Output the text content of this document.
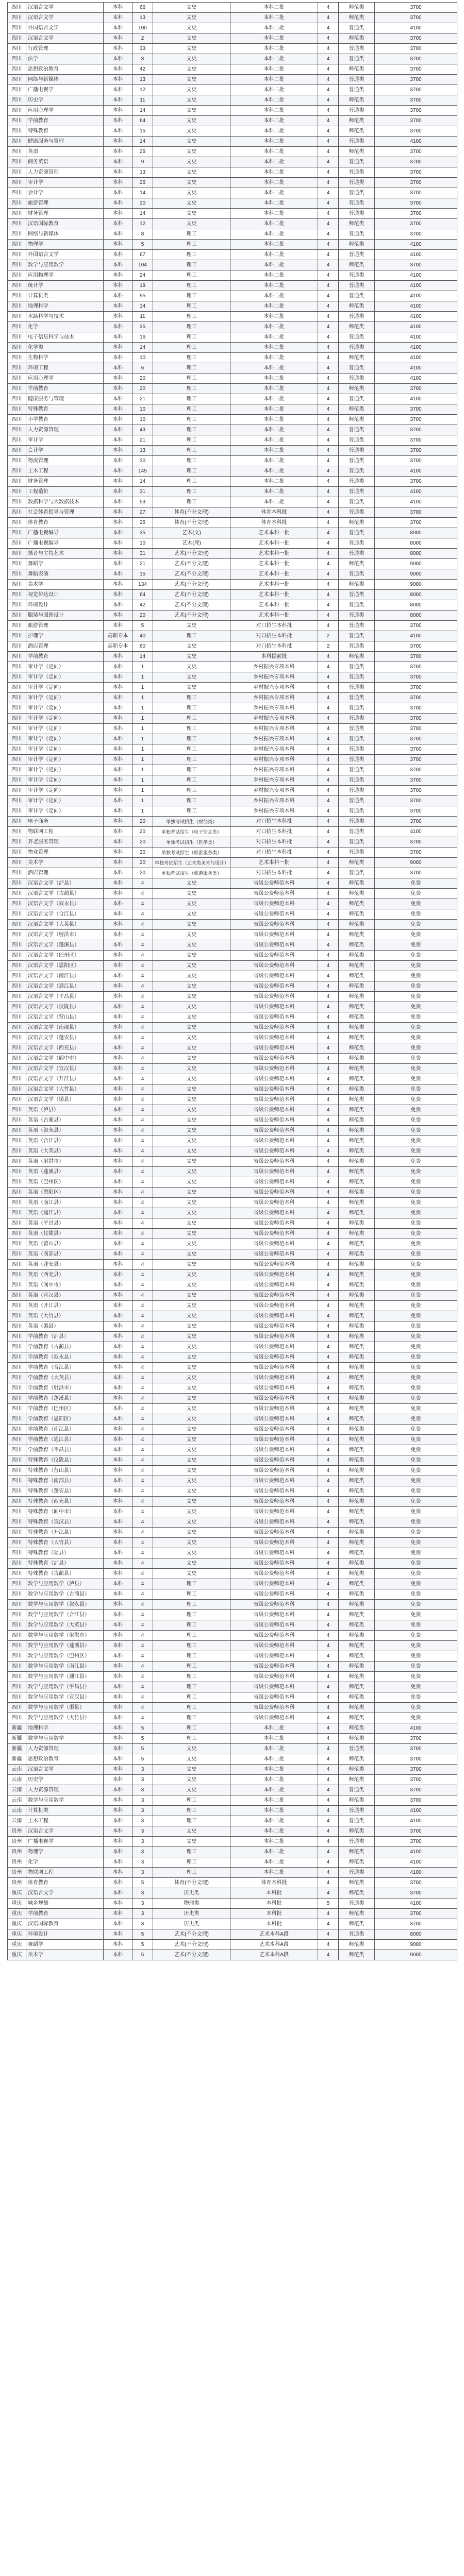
四川	汉语言文学	本科	66	文史	本科二批	4	师范类	3700
四川	汉语言文学	本科	13	文史	本科二批	4	师范类	3700
四川	外国语言文学	本科	100	文史	本科二批	4	普通类	4100
四川	汉语言文学	本科	2	文史	本科二批	4	师范类	3700
四川	行政管理	本科	33	文史	本科二批	4	普通类	3700
四川	法学	本科	8	文史	本科二批	4	普通类	3700
四川	思想政治教育	本科	42	文史	本科二批	4	师范类	3700
四川	网络与新媒体	本科	13	文史	本科二批	4	普通类	3700
四川	广播电视学	本科	12	文史	本科二批	4	普通类	3700
四川	历史学	本科	11	文史	本科二批	4	师范类	3700
四川	应用心理学	本科	14	文史	本科二批	4	普通类	3700
四川	学前教育	本科	64	文史	本科二批	4	师范类	3700
四川	特殊教育	本科	15	文史	本科二批	4	师范类	3700
四川	健康服务与管理	本科	14	文史	本科二批	4	普通类	4100
四川	英语	本科	25	文史	本科二批	4	师范类	3700
四川	商务英语	本科	9	文史	本科二批	4	普通类	3700
四川	人力资源管理	本科	13	文史	本科二批	4	普通类	3700
四川	审计学	本科	26	文史	本科二批	4	普通类	3700
四川	会计学	本科	14	文史	本科二批	4	普通类	3700
四川	旅游管理	本科	20	文史	本科二批	4	普通类	3700
四川	财务管理	本科	14	文史	本科二批	4	普通类	3700
四川	汉语国际教育	本科	12	文史	本科二批	4	师范类	3700
四川	网络与新媒体	本科	8	理工	本科二批	4	普通类	3700
四川	物理学	本科	5	理工	本科二批	4	师范类	4100
四川	外国语言文学	本科	67	理工	本科二批	4	普通类	4100
四川	数学与应用数学	本科	104	理工	本科二批	4	师范类	3700
四川	应用物理学	本科	24	理工	本科二批	4	普通类	4100
四川	统计学	本科	19	理工	本科二批	4	普通类	4100
四川	计算机类	本科	95	理工	本科二批	4	普通类	4100
四川	地理科学	本科	14	理工	本科二批	4	师范类	4100
四川	水路科学与技术	本科	11	理工	本科二批	4	普通类	4100
四川	化学	本科	35	理工	本科二批	4	师范类	4100
四川	电子信息科学与技术	本科	16	理工	本科二批	4	普通类	4100
四川	化学类	本科	14	理工	本科二批	4	普通类	4100
四川	生物科学	本科	10	理工	本科二批	4	师范类	4100
四川	环境工程	本科	6	理工	本科二批	4	普通类	4100
四川	应用心理学	本科	20	理工	本科二批	4	普通类	4100
四川	学前教育	本科	20	理工	本科二批	4	师范类	3700
四川	健康服务与管理	本科	21	理工	本科二批	4	普通类	4100
四川	特殊教育	本科	10	理工	本科二批	4	师范类	3700
四川	小学教育	本科	10	理工	本科二批	4	师范类	3700
四川	人力资源管理	本科	43	理工	本科二批	4	普通类	3700
四川	审计学	本科	21	理工	本科二批	4	普通类	3700
四川	会计学	本科	13	理工	本科二批	4	普通类	3700
四川	物流管理	本科	30	理工	本科二批	4	普通类	3700
四川	土木工程	本科	145	理工	本科二批	4	普通类	4100
四川	财务管理	本科	14	理工	本科二批	4	普通类	3700
四川	工程造价	本科	31	理工	本科二批	4	普通类	4100
四川	数据科学与大数据技术	本科	53	理工	本科二批	4	普通类	4100
四川	社会体育指导与管理	本科	27	体育(不分文理)	体育本科批	4	普通类	3700
四川	体育教育	本科	25	体育(不分文理)	体育本科批	4	师范类	3700
四川	广播电视编导	本科	35	艺术(文)	艺术本科一批	4	普通类	8000
四川	广播电视编导	本科	10	艺术(理)	艺术本科一批	4	普通类	8000
四川	播音与主持艺术	本科	31	艺术(不分文理)	艺术本科一批	4	普通类	8000
四川	舞蹈学	本科	21	艺术(不分文理)	艺术本科一批	4	师范类	9000
四川	舞蹈表演	本科	15	艺术(不分文理)	艺术本科一批	4	普通类	9000
四川	美术学	本科	134	艺术(不分文理)	艺术本科一批	4	师范类	9000
四川	视觉传达设计	本科	64	艺术(不分文理)	艺术本科一批	4	普通类	8000
四川	环境设计	本科	42	艺术(不分文理)	艺术本科一批	4	普通类	8000
四川	服装与服饰设计	本科	20	艺术(不分文理)	艺术本科一批	4	普通类	8000
四川	旅游管理	本科	5	文史	对口招生本科批	4	普通类	3700
四川	护理学	高职专本	40	理工	对口招生本科批	2	普通类	4100
四川	酒店管理	高职专本	60	文史	对口招生本科批	2	普通类	3700
四川	学前教育	本科	14	文史	本科提前批	4	师范类	3700
四川	审计学（定向）	本科	1	文史	乡村振兴专项本科	4	普通类	3700
四川	审计学（定向）	本科	1	文史	乡村振兴专项本科	4	普通类	3700
四川	审计学（定向）	本科	1	文史	乡村振兴专项本科	4	普通类	3700
四川	审计学（定向）	本科	1	理工	乡村振兴专项本科	4	普通类	3700
四川	审计学（定向）	本科	1	理工	乡村振兴专项本科	4	普通类	3700
四川	审计学（定向）	本科	1	理工	乡村振兴专项本科	4	普通类	3700
四川	审计学（定向）	本科	1	理工	乡村振兴专项本科	4	普通类	3700
四川	审计学（定向）	本科	1	理工	乡村振兴专项本科	4	普通类	3700
四川	审计学（定向）	本科	1	理工	乡村振兴专项本科	4	普通类	3700
四川	审计学（定向）	本科	1	理工	乡村振兴专项本科	4	普通类	3700
四川	审计学（定向）	本科	1	理工	乡村振兴专项本科	4	普通类	3700
四川	审计学（定向）	本科	1	理工	乡村振兴专项本科	4	普通类	3700
四川	审计学（定向）	本科	1	理工	乡村振兴专项本科	4	普通类	3700
四川	审计学（定向）	本科	1	理工	乡村振兴专项本科	4	普通类	3700
四川	审计学（定向）	本科	1	理工	乡村振兴专项本科	4	普通类	3700
四川	电子商务	本科	20	单独考试招生（财经类）	对口招生本科批	4	普通类	3700
四川	物联网工程	本科	20	单独考试招生（电子信息类）	对口招生本科批	4	普通类	4100
四川	养老服务管理	本科	20	单独考试招生（医学类）	对口招生本科批	4	普通类	3700
四川	物业管理	本科	20	单独考试招生（旅游服务类）	对口招生本科批	4	普通类	3700
四川	美术学	本科	20	单独考试招生（艺术类美术与设计）	艺术本科一批	4	师范类	9000
四川	酒店管理	本科	20	单独考试招生（旅游服务类）	对口招生本科批	4	普通类	3700
四川	汉语言文学（泸县）	本科	4	文史	省级公费师范本科	4	师范类	免费
四川	汉语言文学（古蔺县）	本科	4	文史	省级公费师范本科	4	师范类	免费
四川	汉语言文学（叙永县）	本科	4	文史	省级公费师范本科	4	师范类	免费
四川	汉语言文学（合江县）	本科	4	文史	省级公费师范本科	4	师范类	免费
四川	汉语言文学（大英县）	本科	4	文史	省级公费师范本科	4	师范类	免费
四川	汉语言文学（射洪市）	本科	4	文史	省级公费师范本科	4	师范类	免费
四川	汉语言文学（蓬溪县）	本科	4	文史	省级公费师范本科	4	师范类	免费
四川	汉语言文学（巴州区）	本科	4	文史	省级公费师范本科	4	师范类	免费
四川	汉语言文学（恩阳区）	本科	4	文史	省级公费师范本科	4	师范类	免费
四川	汉语言文学（南江县）	本科	4	文史	省级公费师范本科	4	师范类	免费
四川	汉语言文学（通江县）	本科	4	文史	省级公费师范本科	4	师范类	免费
四川	汉语言文学（平昌县）	本科	4	文史	省级公费师范本科	4	师范类	免费
四川	汉语言文学（仪陇县）	本科	4	文史	省级公费师范本科	4	师范类	免费
四川	汉语言文学（营山县）	本科	4	文史	省级公费师范本科	4	师范类	免费
四川	汉语言文学（南部县）	本科	4	文史	省级公费师范本科	4	师范类	免费
四川	汉语言文学（蓬安县）	本科	4	文史	省级公费师范本科	4	师范类	免费
四川	汉语言文学（西充县）	本科	4	文史	省级公费师范本科	4	师范类	免费
四川	汉语言文学（阆中市）	本科	4	文史	省级公费师范本科	4	师范类	免费
四川	汉语言文学（宣汉县）	本科	4	文史	省级公费师范本科	4	师范类	免费
四川	汉语言文学（开江县）	本科	4	文史	省级公费师范本科	4	师范类	免费
四川	汉语言文学（大竹县）	本科	4	文史	省级公费师范本科	4	师范类	免费
四川	汉语言文学（渠县）	本科	4	文史	省级公费师范本科	4	师范类	免费
四川	英语（泸县）	本科	4	文史	省级公费师范本科	4	师范类	免费
四川	英语（古蔺县）	本科	4	文史	省级公费师范本科	4	师范类	免费
四川	英语（叙永县）	本科	4	文史	省级公费师范本科	4	师范类	免费
四川	英语（合江县）	本科	4	文史	省级公费师范本科	4	师范类	免费
四川	英语（大英县）	本科	4	文史	省级公费师范本科	4	师范类	免费
四川	英语（射洪市）	本科	4	文史	省级公费师范本科	4	师范类	免费
四川	英语（蓬溪县）	本科	4	文史	省级公费师范本科	4	师范类	免费
四川	英语（巴州区）	本科	4	文史	省级公费师范本科	4	师范类	免费
四川	英语（恩阳区）	本科	4	文史	省级公费师范本科	4	师范类	免费
四川	英语（南江县）	本科	4	文史	省级公费师范本科	4	师范类	免费
四川	英语（通江县）	本科	4	文史	省级公费师范本科	4	师范类	免费
四川	英语（平昌县）	本科	4	文史	省级公费师范本科	4	师范类	免费
四川	英语（仪陇县）	本科	4	文史	省级公费师范本科	4	师范类	免费
四川	英语（营山县）	本科	4	文史	省级公费师范本科	4	师范类	免费
四川	英语（南部县）	本科	4	文史	省级公费师范本科	4	师范类	免费
四川	英语（蓬安县）	本科	4	文史	省级公费师范本科	4	师范类	免费
四川	英语（西充县）	本科	4	文史	省级公费师范本科	4	师范类	免费
四川	英语（阆中市）	本科	4	文史	省级公费师范本科	4	师范类	免费
四川	英语（宣汉县）	本科	4	文史	省级公费师范本科	4	师范类	免费
四川	英语（开江县）	本科	4	文史	省级公费师范本科	4	师范类	免费
四川	英语（大竹县）	本科	4	文史	省级公费师范本科	4	师范类	免费
四川	英语（渠县）	本科	4	文史	省级公费师范本科	4	师范类	免费
四川	学前教育（泸县）	本科	4	文史	省级公费师范本科	4	师范类	免费
四川	学前教育（古蔺县）	本科	4	文史	省级公费师范本科	4	师范类	免费
四川	学前教育（叙永县）	本科	4	文史	省级公费师范本科	4	师范类	免费
四川	学前教育（合江县）	本科	4	文史	省级公费师范本科	4	师范类	免费
四川	学前教育（大英县）	本科	4	文史	省级公费师范本科	4	师范类	免费
四川	学前教育（射洪市）	本科	4	文史	省级公费师范本科	4	师范类	免费
四川	学前教育（蓬溪县）	本科	4	文史	省级公费师范本科	4	师范类	免费
四川	学前教育（巴州区）	本科	4	文史	省级公费师范本科	4	师范类	免费
四川	学前教育（恩阳区）	本科	4	文史	省级公费师范本科	4	师范类	免费
四川	学前教育（南江县）	本科	4	文史	省级公费师范本科	4	师范类	免费
四川	学前教育（通江县）	本科	4	文史	省级公费师范本科	4	师范类	免费
四川	学前教育（平昌县）	本科	4	文史	省级公费师范本科	4	师范类	免费
四川	特殊教育（仪陇县）	本科	4	文史	省级公费师范本科	4	师范类	免费
四川	特殊教育（营山县）	本科	4	文史	省级公费师范本科	4	师范类	免费
四川	特殊教育（南部县）	本科	4	文史	省级公费师范本科	4	师范类	免费
四川	特殊教育（蓬安县）	本科	4	文史	省级公费师范本科	4	师范类	免费
四川	特殊教育（西充县）	本科	4	文史	省级公费师范本科	4	师范类	免费
四川	特殊教育（阆中市）	本科	4	文史	省级公费师范本科	4	师范类	免费
四川	特殊教育（宣汉县）	本科	4	文史	省级公费师范本科	4	师范类	免费
四川	特殊教育（开江县）	本科	4	文史	省级公费师范本科	4	师范类	免费
四川	特殊教育（大竹县）	本科	4	文史	省级公费师范本科	4	师范类	免费
四川	特殊教育（渠县）	本科	4	文史	省级公费师范本科	4	师范类	免费
四川	特殊教育（泸县）	本科	4	文史	省级公费师范本科	4	师范类	免费
四川	特殊教育（古蔺县）	本科	4	文史	省级公费师范本科	4	师范类	免费
四川	数学与应用数学（泸县）	本科	4	理工	省级公费师范本科	4	师范类	免费
四川	数学与应用数学（古蔺县）	本科	4	理工	省级公费师范本科	4	师范类	免费
四川	数学与应用数学（叙永县）	本科	4	理工	省级公费师范本科	4	师范类	免费
四川	数学与应用数学（合江县）	本科	4	理工	省级公费师范本科	4	师范类	免费
四川	数学与应用数学（大英县）	本科	4	理工	省级公费师范本科	4	师范类	免费
四川	数学与应用数学（射洪市）	本科	4	理工	省级公费师范本科	4	师范类	免费
四川	数学与应用数学（蓬溪县）	本科	4	理工	省级公费师范本科	4	师范类	免费
四川	数学与应用数学（巴州区）	本科	4	理工	省级公费师范本科	4	师范类	免费
四川	数学与应用数学（南江县）	本科	4	理工	省级公费师范本科	4	师范类	免费
四川	数学与应用数学（通江县）	本科	4	理工	省级公费师范本科	4	师范类	免费
四川	数学与应用数学（平昌县）	本科	4	理工	省级公费师范本科	4	师范类	免费
四川	数学与应用数学（宣汉县）	本科	4	理工	省级公费师范本科	4	师范类	免费
四川	数学与应用数学（渠县）	本科	4	理工	省级公费师范本科	4	师范类	免费
四川	数学与应用数学（大竹县）	本科	4	理工	省级公费师范本科	4	师范类	免费
新疆	地理科学	本科	5	理工	本科二批	4	师范类	4100
新疆	数学与应用数学	本科	5	理工	本科二批	4	师范类	3700
新疆	人力资源管理	本科	5	文史	本科二批	4	普通类	3700
新疆	思想政治教育	本科	5	文史	本科二批	4	师范类	3700
云南	汉语言文学	本科	3	文史	本科二批	4	师范类	3700
云南	历史学	本科	3	文史	本科二批	4	师范类	3700
云南	人力资源管理	本科	3	文史	本科二批	4	普通类	3700
云南	数学与应用数学	本科	3	理工	本科二批	4	师范类	3700
云南	计算机类	本科	3	理工	本科二批	4	普通类	4100
云南	土木工程	本科	3	理工	本科二批	4	普通类	4100
贵州	汉语言文学	本科	3	文史	本科二批	4	师范类	3700
贵州	广播电视学	本科	3	文史	本科二批	4	普通类	3700
贵州	物理学	本科	3	理工	本科二批	4	师范类	4100
贵州	化学	本科	3	理工	本科二批	4	师范类	4100
贵州	物联网工程	本科	3	理工	本科二批	4	普通类	4100
贵州	体育教育	本科	5	体育(不分文理)	体育本科批	4	师范类	3700
重庆	汉语言文学	本科	3	历史类	本科批	4	师范类	3700
重庆	城乡规划	本科	3	物理类	本科批	5	普通类	4100
重庆	学前教育	本科	3	历史类	本科批	4	师范类	3700
重庆	汉语国际教育	本科	3	历史类	本科批	4	师范类	3700
重庆	环境设计	本科	5	艺术(不分文理)	艺术本科A段	4	普通类	8000
重庆	舞蹈学	本科	5	艺术(不分文理)	艺术本科A段	4	师范类	9000
重庆	美术学	本科	5	艺术(不分文理)	艺术本科A段	4	师范类	9000
